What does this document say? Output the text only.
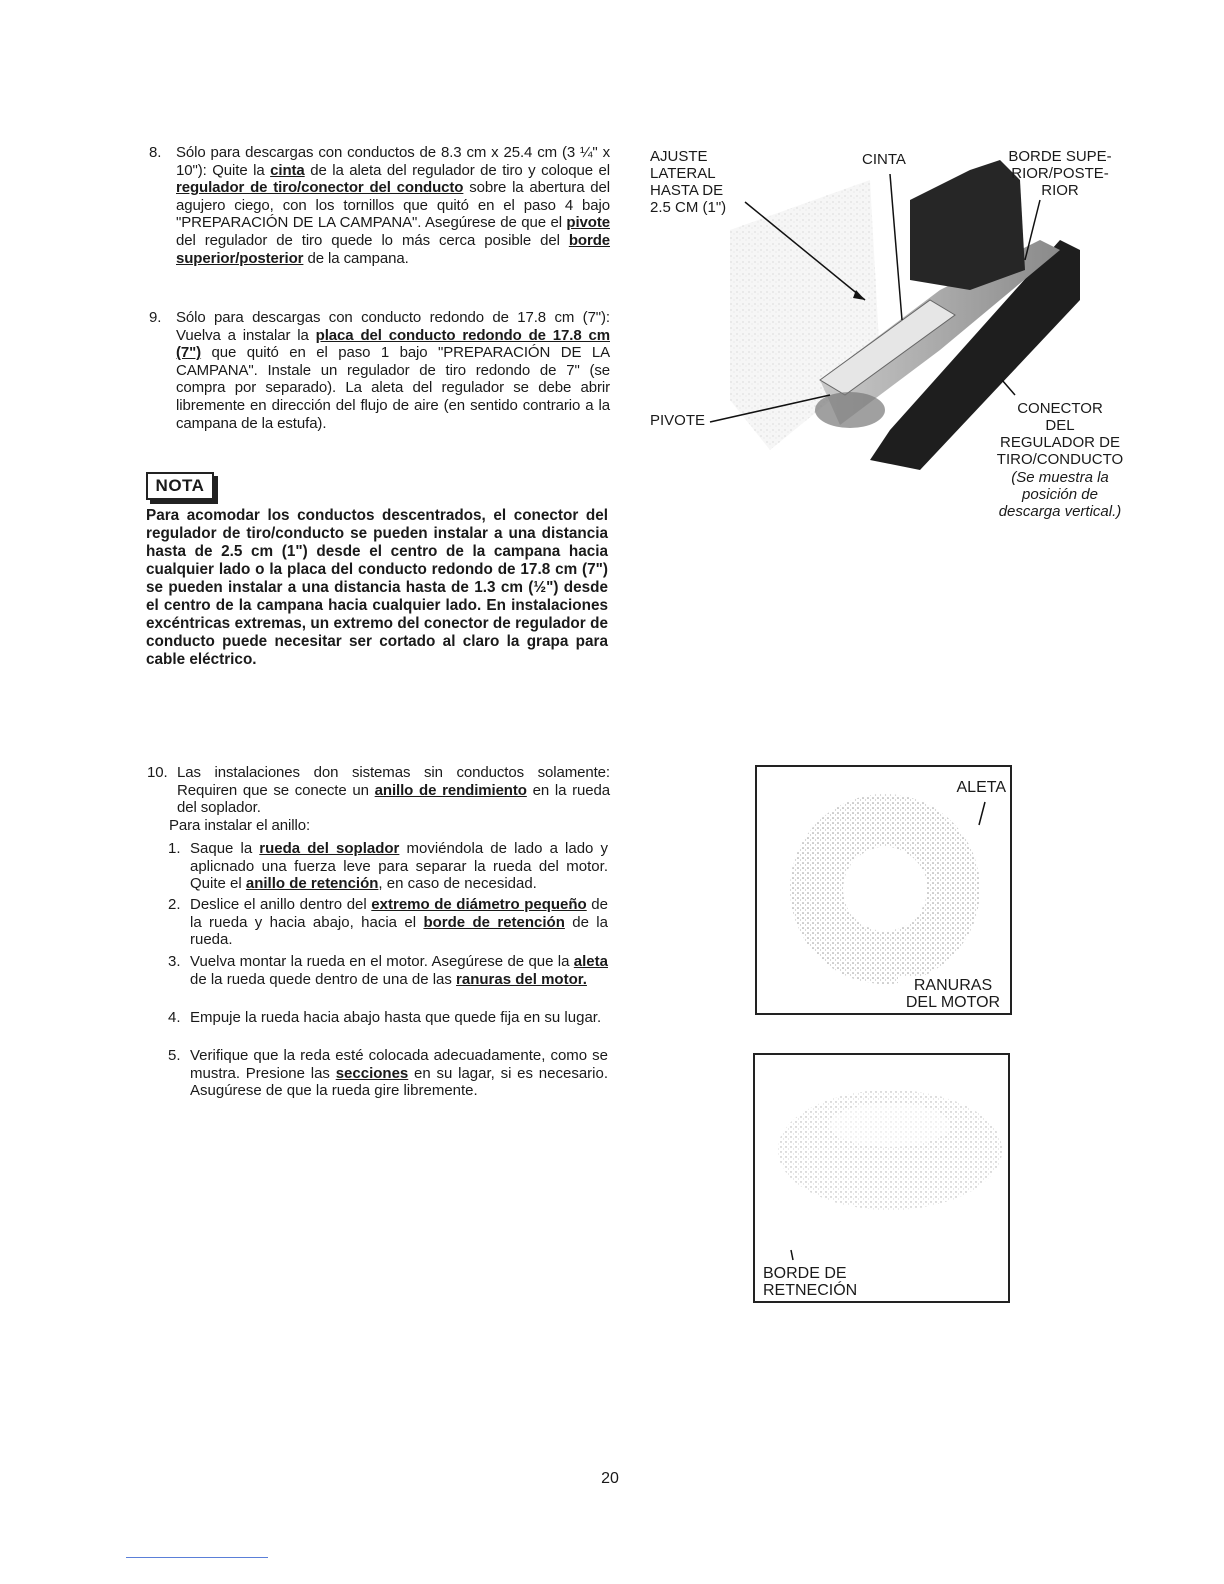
8. Sólo para descargas con conductos de 8.3 cm x 25.4 cm (3 ¼" x 10"): Quite la cinta de la aleta del regulador de tiro y coloque el regulador de tiro/conector del conducto sobre la abertura del agujero ciego, con los tornillos que quitó en el paso 4 bajo "PREPARACIÓN DE LA CAMPANA". Asegúrese de que el pivote del regulador de tiro quede lo más cerca posible del borde superior/posterior de la campana.
9. Sólo para descargas con conducto redondo de 17.8 cm (7"): Vuelva a instalar la placa del conducto redondo de 17.8 cm (7") que quitó en el paso 1 bajo "PREPARACIÓN DE LA CAMPANA". Instale un regulador de tiro redondo de 7" (se compra por separado). La aleta del regulador se debe abrir libremente en dirección del flujo de aire (en sentido contrario a la campana de la estufa).
NOTA
Para acomodar los conductos descentrados, el conector del regulador de tiro/conducto se pueden instalar a una distancia hasta de 2.5 cm (1") desde el centro de la campana hacia cualquier lado o la placa del conducto redondo de 17.8 cm (7") se pueden instalar a una distancia hasta de 1.3 cm (½") desde el centro de la campana hacia cualquier lado. En instalaciones excéntricas extremas, un extremo del conector de regulador de conducto puede necesitar ser cortado al claro la grapa para cable eléctrico.
AJUSTE
LATERAL
HASTA DE
2.5 CM (1")
CINTA	BORDE SUPE-
RIOR/POSTE-
RIOR
PIVOTE
CONECTOR
DEL
REGULADOR DE
TIRO/CONDUCTO
(Se muestra la
posición de
descarga vertical.)
10. Las instalaciones don sistemas sin conductos solamente: Requiren que se conecte un anillo de rendimiento en la rueda del soplador.
Para instalar el anillo:
1. Saque la rueda del soplador moviéndola de lado a lado y aplicnado una fuerza leve para separar la rueda del motor. Quite el anillo de retención, en caso de necesidad.
2. Deslice el anillo dentro del extremo de diámetro pequeño de la rueda y hacia abajo, hacia el borde de retención de la rueda.
3. Vuelva montar la rueda en el motor. Asegúrese de que la aleta de la rueda quede dentro de una de las ranuras del motor.
4. Empuje la rueda hacia abajo hasta que quede fija en su lugar.
5. Verifique que la reda esté colocada adecuadamente, como se mustra. Presione las secciones en su lagar, si es necesario. Asugúrese de que la rueda gire libremente.
ALETA
RANURAS
DEL MOTOR
BORDE DE
RETNECIÓN
20
